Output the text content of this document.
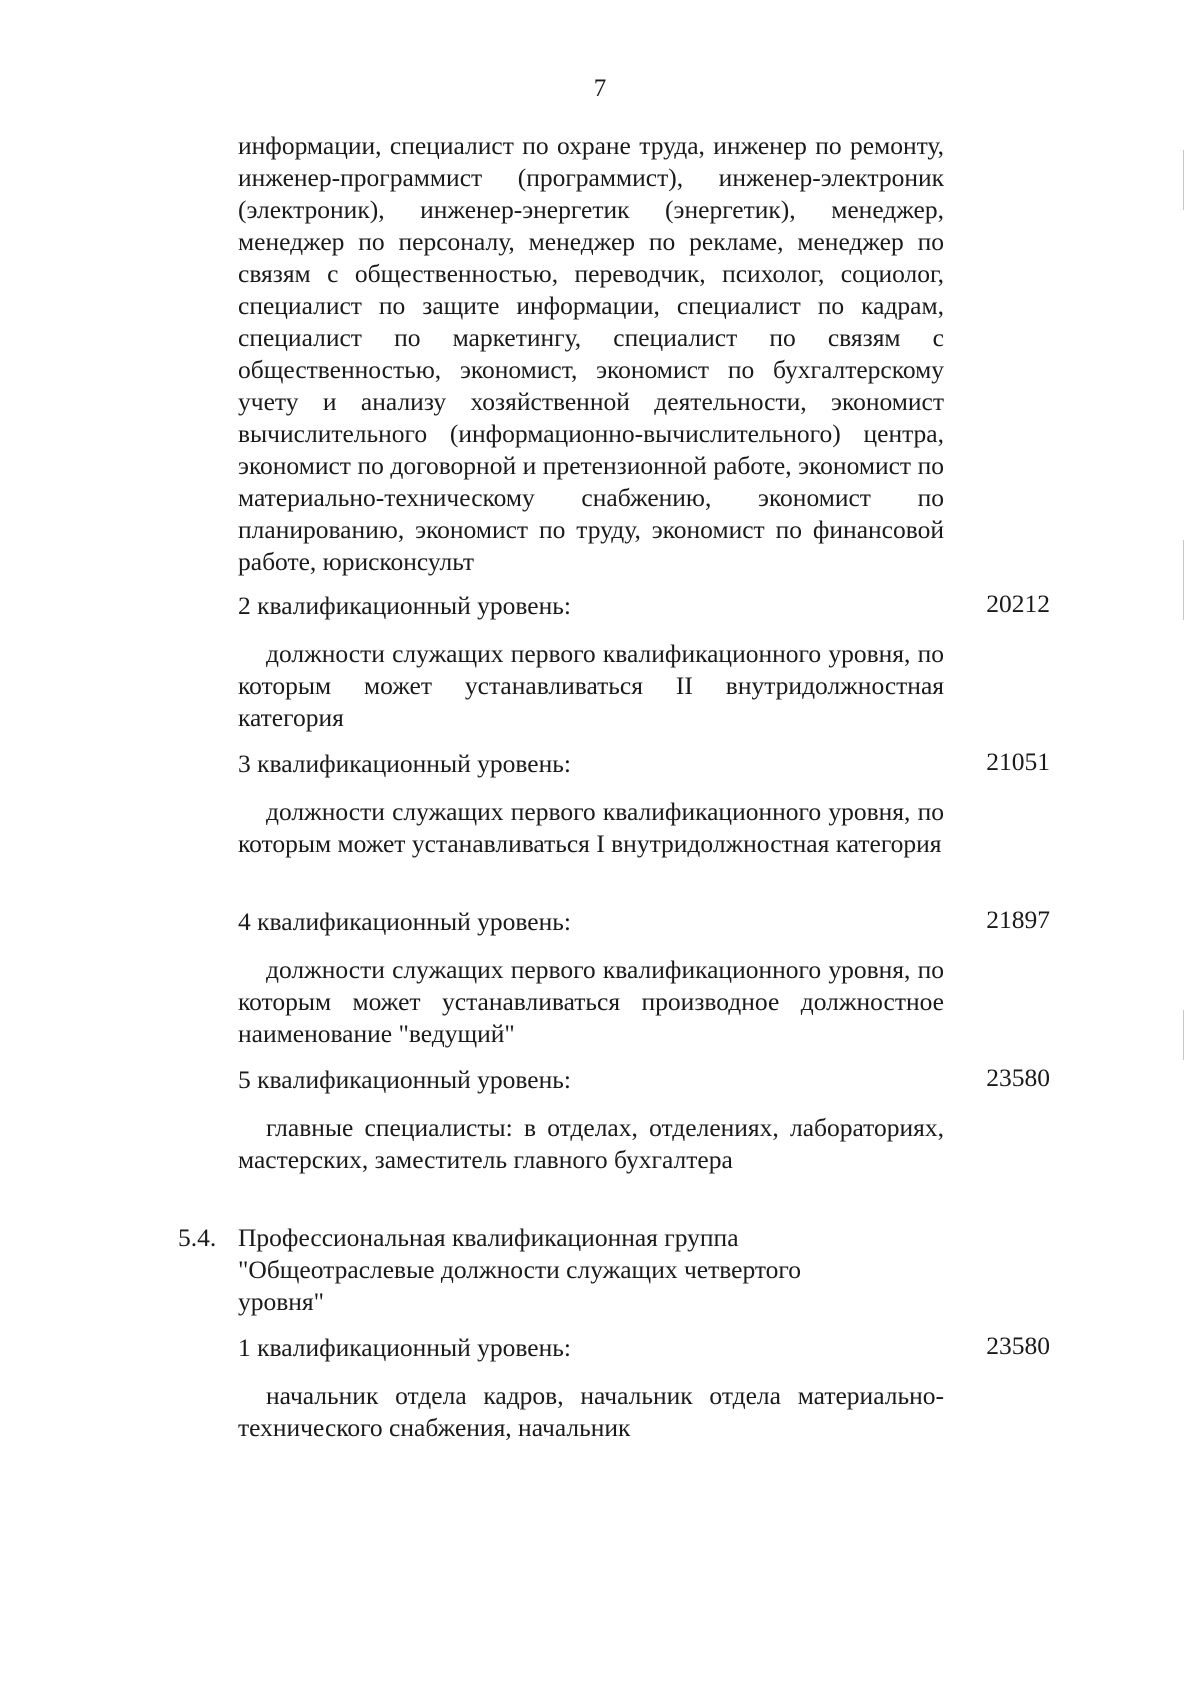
7
информации, специалист по охране труда, инженер по ремонту, инженер-программист (программист), инженер-электроник (электроник), инженер-энергетик (энергетик), менеджер, менеджер по персоналу, менеджер по рекламе, менеджер по связям с общественностью, переводчик, психолог, социолог, специалист по защите информации, специалист по кадрам, специалист по маркетингу, специалист по связям с общественностью, экономист, экономист по бухгалтерскому учету и анализу хозяйственной деятельности, экономист вычислительного (информационно-вычислительного) центра, экономист по договорной и претензионной работе, экономист по материально-техническому снабжению, экономист по планированию, экономист по труду, экономист по финансовой работе, юрисконсульт
2 квалификационный уровень:	20212
должности служащих первого квалификационного уровня, по которым может устанавливаться II внутридолжностная категория
3 квалификационный уровень:	21051
должности служащих первого квалификационного уровня, по которым может устанавливаться I внутридолжностная категория
4 квалификационный уровень:	21897
должности служащих первого квалификационного уровня, по которым может устанавливаться производное должностное наименование "ведущий"
5 квалификационный уровень:	23580
главные специалисты: в отделах, отделениях, лабораториях, мастерских, заместитель главного бухгалтера
5.4. Профессиональная квалификационная группа "Общеотраслевые должности служащих четвертого уровня"
1 квалификационный уровень:	23580
начальник отдела кадров, начальник отдела материально-технического снабжения, начальник
